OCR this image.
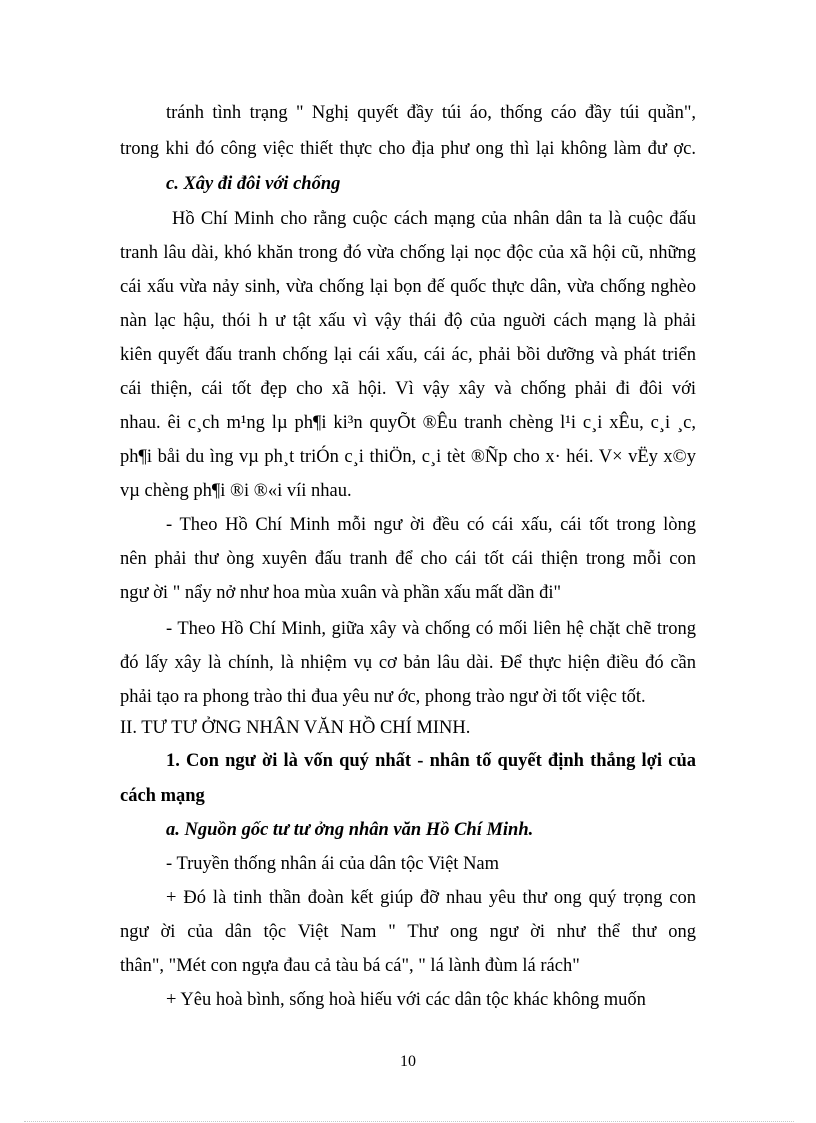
tránh tình trạng " Nghị quyết đầy túi áo, thống cáo đầy túi quần",

trong khi đó công việc thiết thực cho địa phư ong thì lại không làm đư ợc.

c. Xây đi đôi với chống

Hồ Chí Minh cho rằng cuộc cách mạng của nhân dân ta là cuộc đấu

tranh lâu dài, khó khăn trong đó vừa chống lại nọc độc của xã hội cũ, những

cái xấu vừa nảy sinh, vừa chống lại bọn đế quốc thực dân, vừa chống nghèo

nàn lạc hậu, thói h ư tật xấu vì vậy thái độ của nguời cách mạng là phải

kiên quyết đấu tranh chống lại cái xấu, cái ác, phải bồi dưỡng và phát triển

cái thiện, cái tốt đẹp cho xã hội. Vì vậy xây và chống phải đi đôi với

nhau. êi c¸ch m¹ng lµ ph¶i ki³n quyÕt ®Êu tranh chèng l¹i c¸i xÊu, c¸i ¸c,

ph¶i båi du ìng vµ ph¸t triÓn c¸i thiÖn, c¸i tèt ®Ñp cho x· héi. V× vËy x©y

vµ chèng ph¶i ®i ®«i víi nhau.

- Theo Hồ Chí Minh mỗi ngư ời đều có cái xấu, cái tốt trong lòng

nên phải thư òng xuyên đấu tranh để cho cái tốt cái thiện trong mỗi con

ngư ời " nẩy nở như hoa mùa xuân và phần xấu mất dần đi"

- Theo Hồ Chí Minh, giữa xây và chống có mối liên hệ chặt chẽ trong

đó lấy xây là chính, là nhiệm vụ cơ bản lâu dài. Để thực hiện điều đó cần

phải tạo ra phong trào thi đua yêu nư ớc, phong trào ngư ời tốt việc tốt.

II. TƯ TƯ ỞNG NHÂN VĂN HỒ CHÍ MINH.

1. Con ngư ời là vốn quý nhất - nhân tố quyết định thắng lợi của

cách mạng

a. Nguồn gốc tư tư ởng nhân văn Hồ Chí Minh.

- Truyền thống nhân ái của dân tộc Việt Nam

+ Đó là tinh thần đoàn kết giúp đỡ nhau yêu thư ong quý trọng con

ngư ời của dân tộc Việt Nam " Thư ong ngư ời như thể thư ong

thân", "Mét con ngựa đau cả tàu bá cá", " lá lành đùm lá rách"

+ Yêu hoà bình, sống hoà hiếu với các dân tộc khác không muốn

10
